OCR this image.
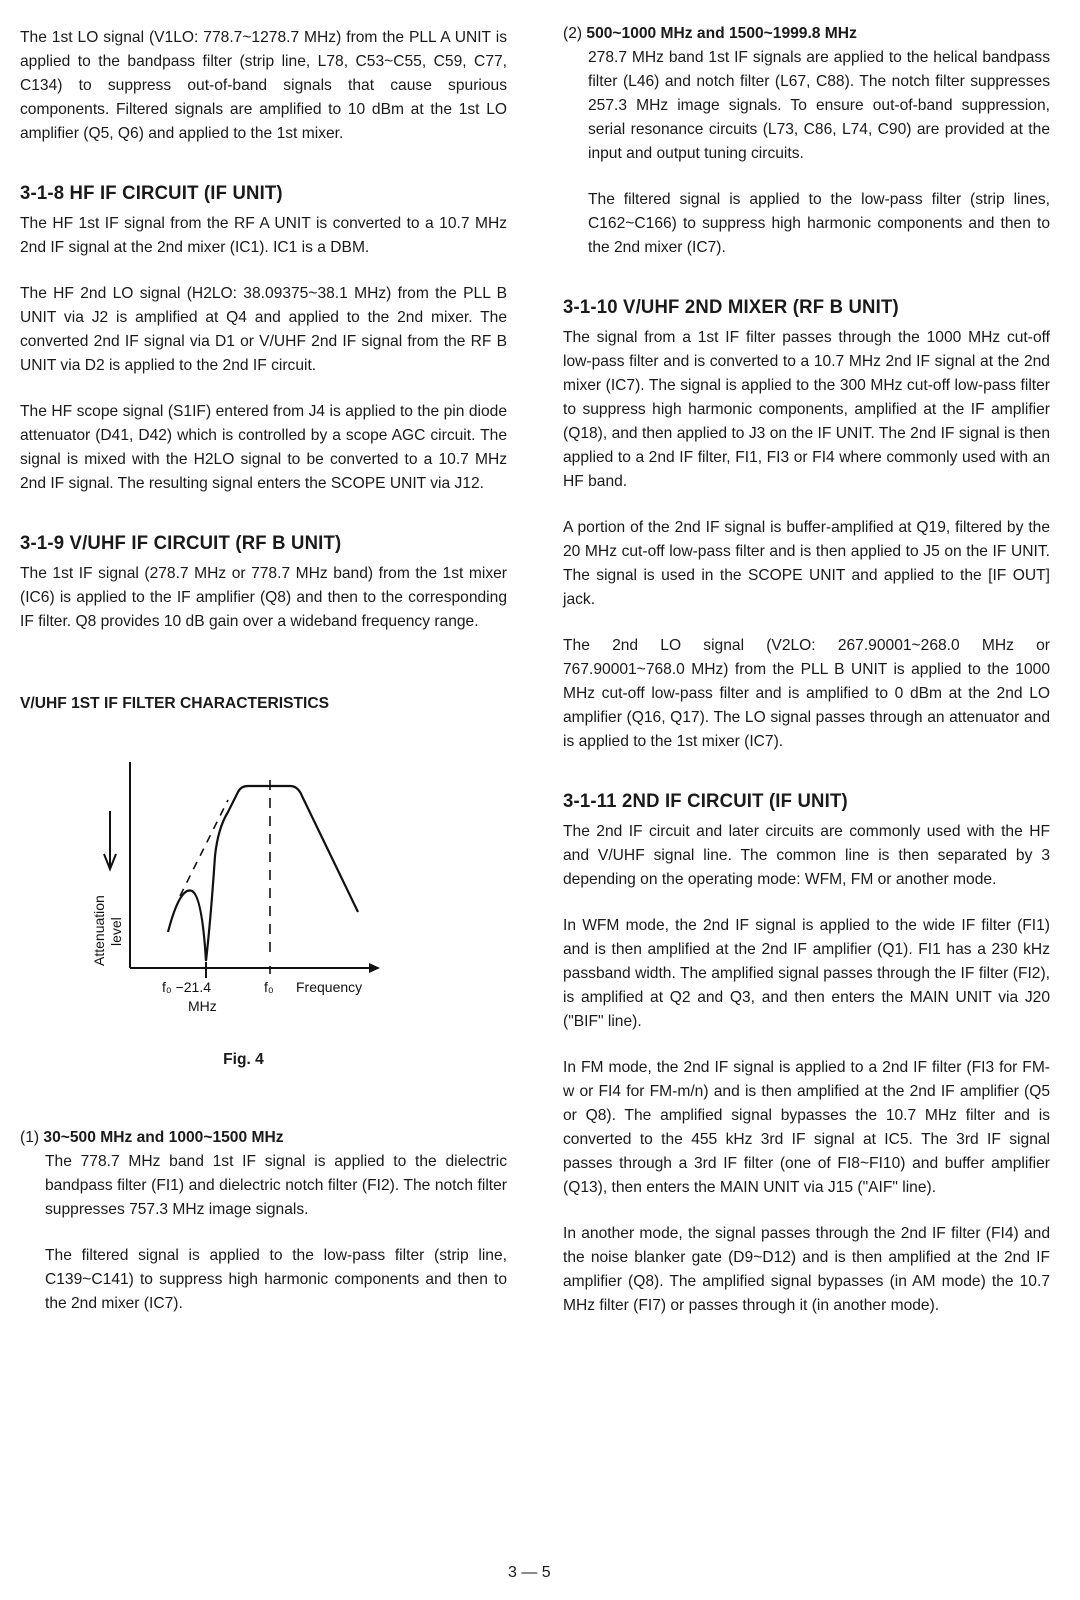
The 1st LO signal (V1LO: 778.7~1278.7 MHz) from the PLL A UNIT is applied to the bandpass filter (strip line, L78, C53~C55, C59, C77, C134) to suppress out-of-band signals that cause spurious components. Filtered signals are amplified to 10 dBm at the 1st LO amplifier (Q5, Q6) and applied to the 1st mixer.

3-1-8 HF IF CIRCUIT (IF UNIT)

The HF 1st IF signal from the RF A UNIT is converted to a 10.7 MHz 2nd IF signal at the 2nd mixer (IC1). IC1 is a DBM.

The HF 2nd LO signal (H2LO: 38.09375~38.1 MHz) from the PLL B UNIT via J2 is amplified at Q4 and applied to the 2nd mixer. The converted 2nd IF signal via D1 or V/UHF 2nd IF signal from the RF B UNIT via D2 is applied to the 2nd IF circuit.

The HF scope signal (S1IF) entered from J4 is applied to the pin diode attenuator (D41, D42) which is controlled by a scope AGC circuit. The signal is mixed with the H2LO signal to be converted to a 10.7 MHz 2nd IF signal. The resulting signal enters the SCOPE UNIT via J12.

3-1-9 V/UHF IF CIRCUIT (RF B UNIT)

The 1st IF signal (278.7 MHz or 778.7 MHz band) from the 1st mixer (IC6) is applied to the IF amplifier (Q8) and then to the corresponding IF filter. Q8 provides 10 dB gain over a wideband frequency range.

V/UHF 1ST IF FILTER CHARACTERISTICS
Attenuation level
f₀ −21.4
MHz
f₀ Frequency

Fig. 4

(1) 30~500 MHz and 1000~1500 MHz

The 778.7 MHz band 1st IF signal is applied to the dielectric bandpass filter (FI1) and dielectric notch filter (FI2). The notch filter suppresses 757.3 MHz image signals.

The filtered signal is applied to the low-pass filter (strip line, C139~C141) to suppress high harmonic components and then to the 2nd mixer (IC7).

(2) 500~1000 MHz and 1500~1999.8 MHz

278.7 MHz band 1st IF signals are applied to the helical bandpass filter (L46) and notch filter (L67, C88). The notch filter suppresses 257.3 MHz image signals. To ensure out-of-band suppression, serial resonance circuits (L73, C86, L74, C90) are provided at the input and output tuning circuits.

The filtered signal is applied to the low-pass filter (strip lines, C162~C166) to suppress high harmonic components and then to the 2nd mixer (IC7).

3-1-10 V/UHF 2ND MIXER (RF B UNIT)

The signal from a 1st IF filter passes through the 1000 MHz cut-off low-pass filter and is converted to a 10.7 MHz 2nd IF signal at the 2nd mixer (IC7). The signal is applied to the 300 MHz cut-off low-pass filter to suppress high harmonic components, amplified at the IF amplifier (Q18), and then applied to J3 on the IF UNIT. The 2nd IF signal is then applied to a 2nd IF filter, FI1, FI3 or FI4 where commonly used with an HF band.

A portion of the 2nd IF signal is buffer-amplified at Q19, filtered by the 20 MHz cut-off low-pass filter and is then applied to J5 on the IF UNIT. The signal is used in the SCOPE UNIT and applied to the [IF OUT] jack.

The 2nd LO signal (V2LO: 267.90001~268.0 MHz or 767.90001~768.0 MHz) from the PLL B UNIT is applied to the 1000 MHz cut-off low-pass filter and is amplified to 0 dBm at the 2nd LO amplifier (Q16, Q17). The LO signal passes through an attenuator and is applied to the 1st mixer (IC7).

3-1-11 2ND IF CIRCUIT (IF UNIT)

The 2nd IF circuit and later circuits are commonly used with the HF and V/UHF signal line. The common line is then separated by 3 depending on the operating mode: WFM, FM or another mode.

In WFM mode, the 2nd IF signal is applied to the wide IF filter (FI1) and is then amplified at the 2nd IF amplifier (Q1). FI1 has a 230 kHz passband width. The amplified signal passes through the IF filter (FI2), is amplified at Q2 and Q3, and then enters the MAIN UNIT via J20 ("BIF" line).

In FM mode, the 2nd IF signal is applied to a 2nd IF filter (FI3 for FM-w or FI4 for FM-m/n) and is then amplified at the 2nd IF amplifier (Q5 or Q8). The amplified signal bypasses the 10.7 MHz filter and is converted to the 455 kHz 3rd IF signal at IC5. The 3rd IF signal passes through a 3rd IF filter (one of FI8~FI10) and buffer amplifier (Q13), then enters the MAIN UNIT via J15 ("AIF" line).

In another mode, the signal passes through the 2nd IF filter (FI4) and the noise blanker gate (D9~D12) and is then amplified at the 2nd IF amplifier (Q8). The amplified signal bypasses (in AM mode) the 10.7 MHz filter (FI7) or passes through it (in another mode).

3 — 5
